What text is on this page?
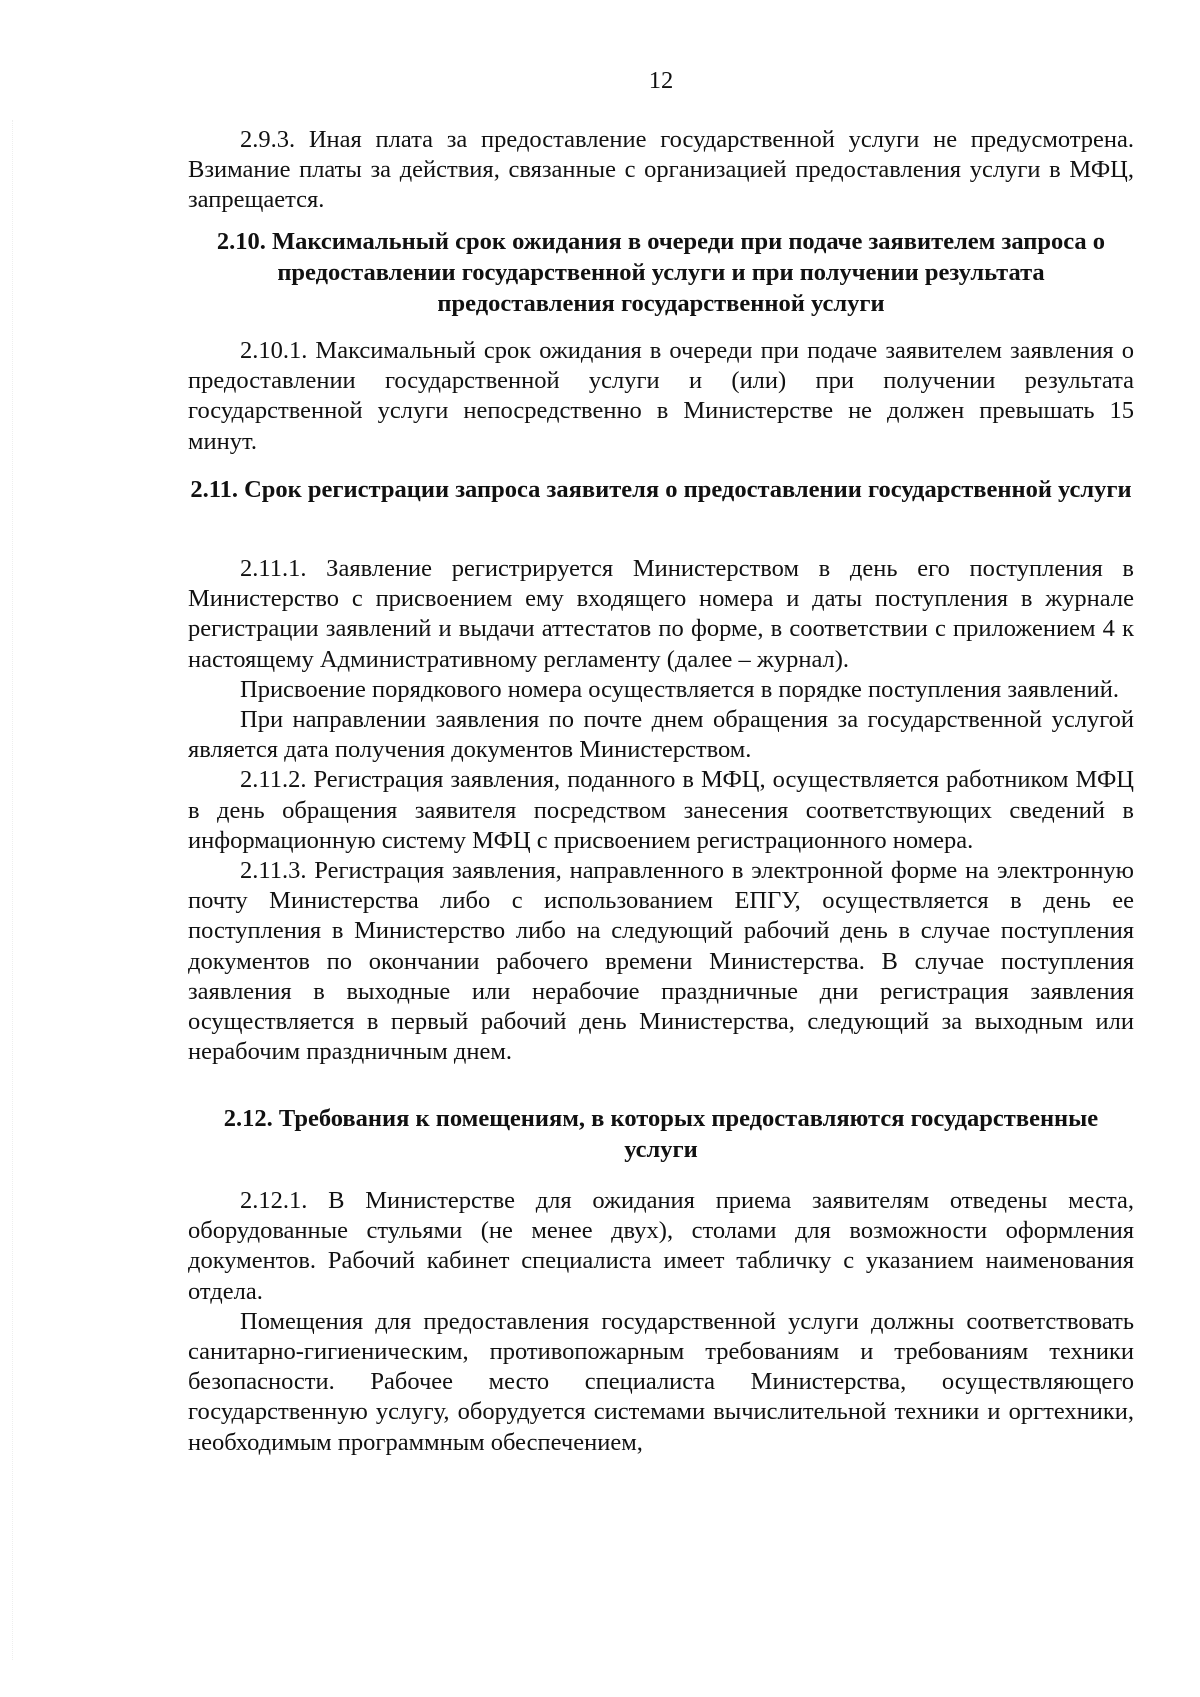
12

2.9.3. Иная плата за предоставление государственной услуги не предусмотрена. Взимание платы за действия, связанные с организацией предоставления услуги в МФЦ, запрещается.

2.10. Максимальный срок ожидания в очереди при подаче заявителем запроса о предоставлении государственной услуги и при получении результата предоставления государственной услуги

2.10.1. Максимальный срок ожидания в очереди при подаче заявителем заявления о предоставлении государственной услуги и (или) при получении результата государственной услуги непосредственно в Министерстве не должен превышать 15 минут.

2.11. Срок регистрации запроса заявителя о предоставлении государственной услуги

2.11.1. Заявление регистрируется Министерством в день его поступления в Министерство с присвоением ему входящего номера и даты поступления в журнале регистрации заявлений и выдачи аттестатов по форме, в соответствии с приложением 4 к настоящему Административному регламенту (далее – журнал).

Присвоение порядкового номера осуществляется в порядке поступления заявлений.

При направлении заявления по почте днем обращения за государственной услугой является дата получения документов Министерством.

2.11.2. Регистрация заявления, поданного в МФЦ, осуществляется работником МФЦ в день обращения заявителя посредством занесения соответствующих сведений в информационную систему МФЦ с присвоением регистрационного номера.

2.11.3. Регистрация заявления, направленного в электронной форме на электронную почту Министерства либо с использованием ЕПГУ, осуществляется в день ее поступления в Министерство либо на следующий рабочий день в случае поступления документов по окончании рабочего времени Министерства. В случае поступления заявления в выходные или нерабочие праздничные дни регистрация заявления осуществляется в первый рабочий день Министерства, следующий за выходным или нерабочим праздничным днем.

2.12. Требования к помещениям, в которых предоставляются государственные услуги

2.12.1. В Министерстве для ожидания приема заявителям отведены места, оборудованные стульями (не менее двух), столами для возможности оформления документов. Рабочий кабинет специалиста имеет табличку с указанием наименования отдела.

Помещения для предоставления государственной услуги должны соответствовать санитарно-гигиеническим, противопожарным требованиям и требованиям техники безопасности. Рабочее место специалиста Министерства, осуществляющего государственную услугу, оборудуется системами вычислительной техники и оргтехники, необходимым программным обеспечением,
